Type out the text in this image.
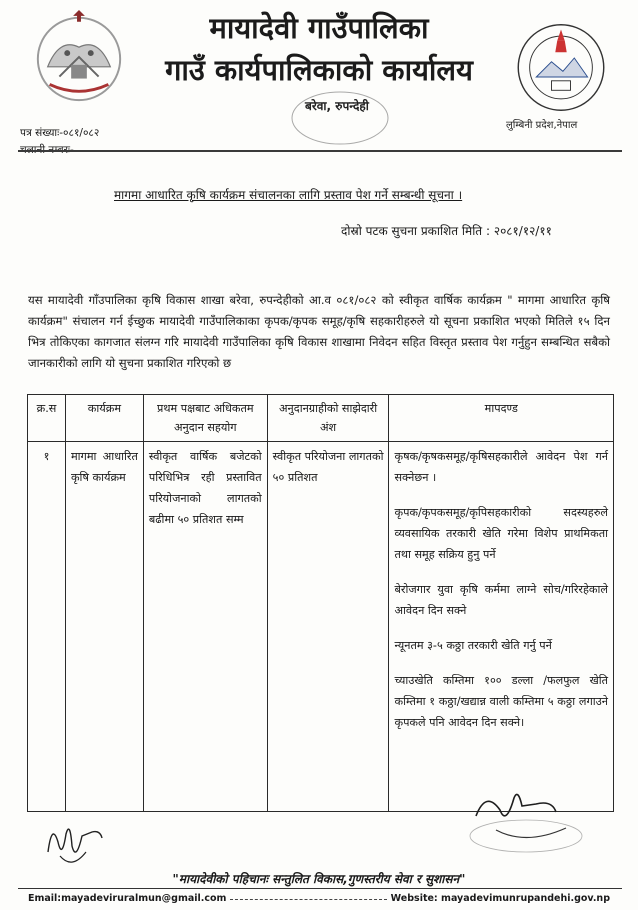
मायादेवी गाउँपालिका
गाउँ कार्यपालिकाको कार्यालय
बरेवा, रुपन्देही
लुम्बिनी प्रदेश,नेपाल
पत्र संख्याः-०८१/०८२
मागमा आधारित कृषि कार्यक्रम संचालनका लागि प्रस्ताव पेश गर्ने सम्बन्धी सूचना ।
दोस्रो पटक सुचना प्रकाशित मिति : २०८१/१२/११
यस मायादेवी गाँउपालिका कृषि विकास शाखा बरेवा, रुपन्देहीको आ.व ०८१/०८२ को स्वीकृत वार्षिक कार्यक्रम " मागमा आधारित कृषि कार्यक्रम" संचालन गर्न ईच्छुक मायादेवी गाउँपालिकाका कृपक/कृपक समूह/कृषि सहकारीहरुले यो सूचना प्रकाशित भएको मितिले १५ दिन भित्र तोकिएका कागजात संलग्न गरि मायादेवी गाउँपालिका कृषि विकास शाखामा निवेदन सहित विस्तृत प्रस्ताव पेश गर्नुहुन सम्बन्धित सबैको जानकारीको लागि यो सुचना प्रकाशित गरिएको छ
क्र.स	कार्यक्रम	प्रथम पक्षबाट अधिकतम अनुदान सहयोग	अनुदानग्राहीको साझेदारी अंश	मापदण्ड
१	मागमा आधारित कृषि कार्यक्रम	स्वीकृत वार्षिक बजेटको परिधिभित्र रही प्रस्तावित परियोजनाको लागतको बढीमा ५० प्रतिशत सम्म	स्वीकृत परियोजना लागतको ५० प्रतिशत	कृषक/कृषकसमूह/कृषिसहकारीले आवेदन पेश गर्न सक्नेछन ।

कृपक/कृपकसमूह/कृपिसहकारीको सदस्यहरुले व्यवसायिक तरकारी खेति गरेमा विशेप प्राथमिकता तथा समूह सक्रिय हुनु पर्ने

बेरोजगार युवा कृषि कर्ममा लाग्ने सोच/गरिरहेकाले आवेदन दिन सक्ने

न्यूनतम ३-५ कठ्ठा तरकारी खेति गर्नु पर्ने

च्याउखेति कम्तिमा १०० डल्ला /फलफुल खेति कम्तिमा १ कठ्ठा/खद्यान्न वाली कम्तिमा ५ कठ्ठा लगाउने कृपकले पनि आवेदन दिन सक्ने।

"मायादेवीको पहिचानः सन्तुलित विकास,गुणस्तरीय सेवा र सुशासन"
Email:mayadeviruralmun@gmail.com	Website: mayadevimunrupandehi.gov.np
